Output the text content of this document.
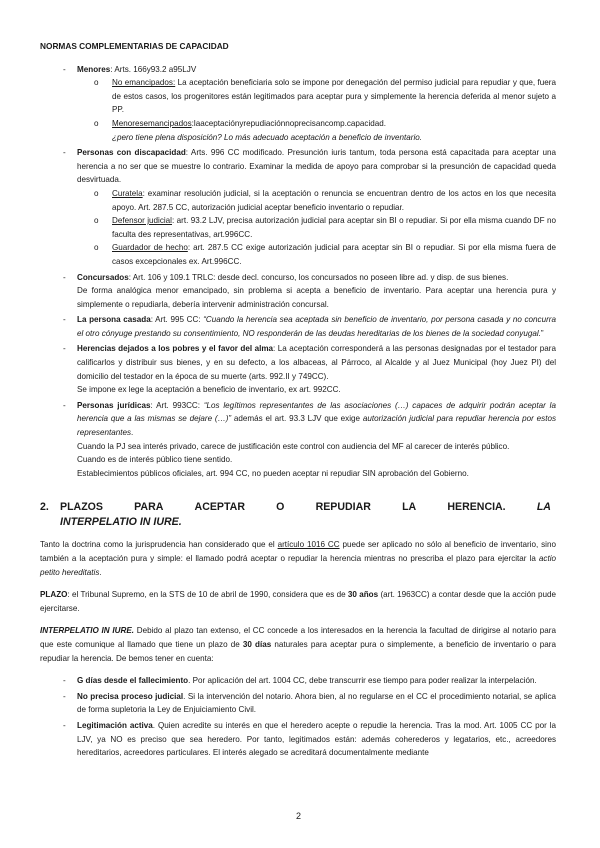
NORMAS COMPLEMENTARIAS DE CAPACIDAD
- Menores: Arts. 166y93.2 a95LJV
o No emancipados: La aceptación beneficiaria solo se impone por denegación del permiso judicial para repudiar y que, fuera de estos casos, los progenitores están legitimados para aceptar pura y simplemente la herencia deferida al menor sujeto a PP.
o Menoresemancipados:laaceptaciónyrepudiaciónnoprecisancomp.capacidad.
¿pero tiene plena disposición? Lo más adecuado aceptación a beneficio de inventario.
- Personas con discapacidad: Arts. 996 CC modificado. Presunción iuris tantum, toda persona está capacitada para aceptar una herencia a no ser que se muestre lo contrario. Examinar la medida de apoyo para comprobar si la presunción de capacidad queda desvirtuada.
o Curatela: examinar resolución judicial, si la aceptación o renuncia se encuentran dentro de los actos en los que necesita apoyo. Art. 287.5 CC, autorización judicial aceptar beneficio inventario o repudiar.
o Defensor judicial: art. 93.2 LJV, precisa autorización judicial para aceptar sin BI o repudiar. Si por ella misma cuando DF no faculta des representativas, art.996CC.
o Guardador de hecho: art. 287.5 CC exige autorización judicial para aceptar sin BI o repudiar. Si por ella misma fuera de casos excepcionales ex. Art.996CC.
- Concursados: Art. 106 y 109.1 TRLC: desde decl. concurso, los concursados no poseen libre ad. y disp. de sus bienes.
De forma analógica menor emancipado, sin problema si acepta a beneficio de inventario. Para aceptar una herencia pura y simplemente o repudiarla, debería intervenir administración concursal.
- La persona casada: Art. 995 CC: “Cuando la herencia sea aceptada sin beneficio de inventario, por persona casada y no concurra el otro cónyuge prestando su consentimiento, NO responderán de las deudas hereditarias de los bienes de la sociedad conyugal.”
- Herencias dejados a los pobres y el favor del alma: La aceptación corresponderá a las personas designadas por el testador para calificarlos y distribuir sus bienes, y en su defecto, a los albaceas, al Párroco, al Alcalde y al Juez Municipal (hoy Juez PI) del domicilio del testador en la época de su muerte (arts. 992.II y 749CC).
Se impone ex lege la aceptación a beneficio de inventario, ex art. 992CC.
- Personas jurídicas: Art. 993CC: “Los legítimos representantes de las asociaciones (…) capaces de adquirir podrán aceptar la herencia que a las mismas se dejare (…)” además el art. 93.3 LJV que exige autorización judicial para repudiar herencia por estos representantes.
Cuando la PJ sea interés privado, carece de justificación este control con audiencia del MF al carecer de interés público.
Cuando es de interés público tiene sentido.
Establecimientos públicos oficiales, art. 994 CC, no pueden aceptar ni repudiar SIN aprobación del Gobierno.
2. PLAZOS	PARA	ACEPTAR	O	REPUDIAR	LA	HERENCIA.	LA
INTERPELATIO IN IURE.

Tanto la doctrina como la jurisprudencia han considerado que el artículo 1016 CC puede ser aplicado no sólo al beneficio de inventario, sino también a la aceptación pura y simple: el llamado podrá aceptar o repudiar la herencia mientras no prescriba el plazo para ejercitar la actio petito hereditatis.

PLAZO: el Tribunal Supremo, en la STS de 10 de abril de 1990, considera que es de 30 años (art. 1963CC) a contar desde que la acción pude ejercitarse.

INTERPELATIO IN IURE. Debido al plazo tan extenso, el CC concede a los interesados en la herencia la facultad de dirigirse al notario para que este comunique al llamado que tiene un plazo de 30 días naturales para aceptar pura o simplemente, a beneficio de inventario o para repudiar la herencia. De bemos tener en cuenta:

- G días desde el fallecimiento. Por aplicación del art. 1004 CC, debe transcurrir ese tiempo para poder realizar la interpelación.
- No precisa proceso judicial. Si la intervención del notario. Ahora bien, al no regularse en el CC el procedimiento notarial, se aplica de forma supletoria la Ley de Enjuiciamiento Civil.
- Legitimación activa. Quien acredite su interés en que el heredero acepte o repudie la herencia. Tras la mod. Art. 1005 CC por la LJV, ya NO es preciso que sea heredero. Por tanto, legitimados están: además coherederos y legatarios, etc., acreedores hereditarios, acreedores particulares. El interés alegado se acreditará documentalmente mediante
2
